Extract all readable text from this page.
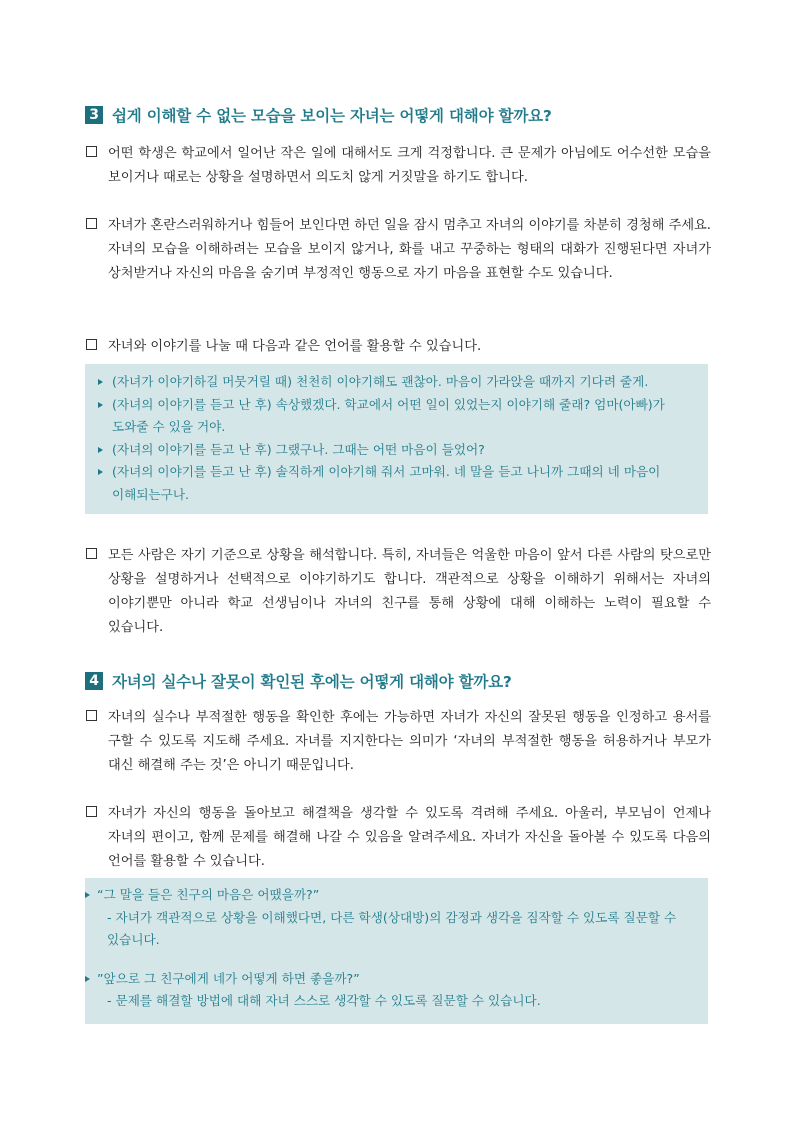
3 쉽게 이해할 수 없는 모습을 보이는 자녀는 어떻게 대해야 할까요?
어떤 학생은 학교에서 일어난 작은 일에 대해서도 크게 걱정합니다. 큰 문제가 아님에도 어수선한 모습을 보이거나 때로는 상황을 설명하면서 의도치 않게 거짓말을 하기도 합니다.
자녀가 혼란스러워하거나 힘들어 보인다면 하던 일을 잠시 멈추고 자녀의 이야기를 차분히 경청해 주세요. 자녀의 모습을 이해하려는 모습을 보이지 않거나, 화를 내고 꾸중하는 형태의 대화가 진행된다면 자녀가 상처받거나 자신의 마음을 숨기며 부정적인 행동으로 자기 마음을 표현할 수도 있습니다.
자녀와 이야기를 나눌 때 다음과 같은 언어를 활용할 수 있습니다.
(자녀가 이야기하길 머뭇거릴 때) 천천히 이야기해도 괜찮아. 마음이 가라앉을 때까지 기다려 줄게.
(자녀의 이야기를 듣고 난 후) 속상했겠다. 학교에서 어떤 일이 있었는지 이야기해 줄래? 엄마(아빠)가 도와줄 수 있을 거야.
(자녀의 이야기를 듣고 난 후) 그랬구나. 그때는 어떤 마음이 들었어?
(자녀의 이야기를 듣고 난 후) 솔직하게 이야기해 줘서 고마워. 네 말을 듣고 나니까 그때의 네 마음이 이해되는구나.
모든 사람은 자기 기준으로 상황을 해석합니다. 특히, 자녀들은 억울한 마음이 앞서 다른 사람의 탓으로만 상황을 설명하거나 선택적으로 이야기하기도 합니다. 객관적으로 상황을 이해하기 위해서는 자녀의 이야기뿐만 아니라 학교 선생님이나 자녀의 친구를 통해 상황에 대해 이해하는 노력이 필요할 수 있습니다.
4 자녀의 실수나 잘못이 확인된 후에는 어떻게 대해야 할까요?
자녀의 실수나 부적절한 행동을 확인한 후에는 가능하면 자녀가 자신의 잘못된 행동을 인정하고 용서를 구할 수 있도록 지도해 주세요. 자녀를 지지한다는 의미가 ‘자녀의 부적절한 행동을 허용하거나 부모가 대신 해결해 주는 것’은 아니기 때문입니다.
자녀가 자신의 행동을 돌아보고 해결책을 생각할 수 있도록 격려해 주세요. 아울러, 부모님이 언제나 자녀의 편이고, 함께 문제를 해결해 나갈 수 있음을 알려주세요. 자녀가 자신을 돌아볼 수 있도록 다음의 언어를 활용할 수 있습니다.
“그 말을 들은 친구의 마음은 어땠을까?”
- 자녀가 객관적으로 상황을 이해했다면, 다른 학생(상대방)의 감정과 생각을 짐작할 수 있도록 질문할 수 있습니다.
”앞으로 그 친구에게 네가 어떻게 하면 좋을까?”
- 문제를 해결할 방법에 대해 자녀 스스로 생각할 수 있도록 질문할 수 있습니다.
